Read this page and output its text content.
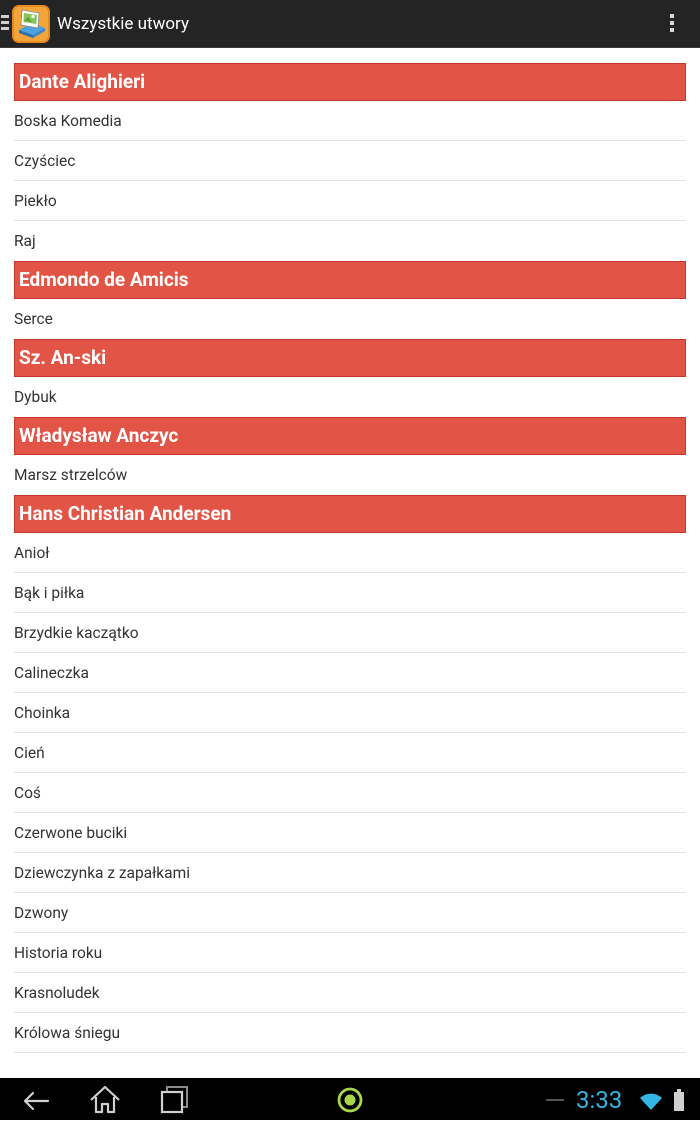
Wszystkie utwory
Dante Alighieri
Boska Komedia
Czyściec
Piekło
Raj
Edmondo de Amicis
Serce
Sz. An-ski
Dybuk
Władysław Anczyc
Marsz strzelców
Hans Christian Andersen
Anioł
Bąk i piłka
Brzydkie kaczątko
Calineczka
Choinka
Cień
Coś
Czerwone buciki
Dziewczynka z zapałkami
Dzwony
Historia roku
Krasnoludek
Królowa śniegu
3:33
